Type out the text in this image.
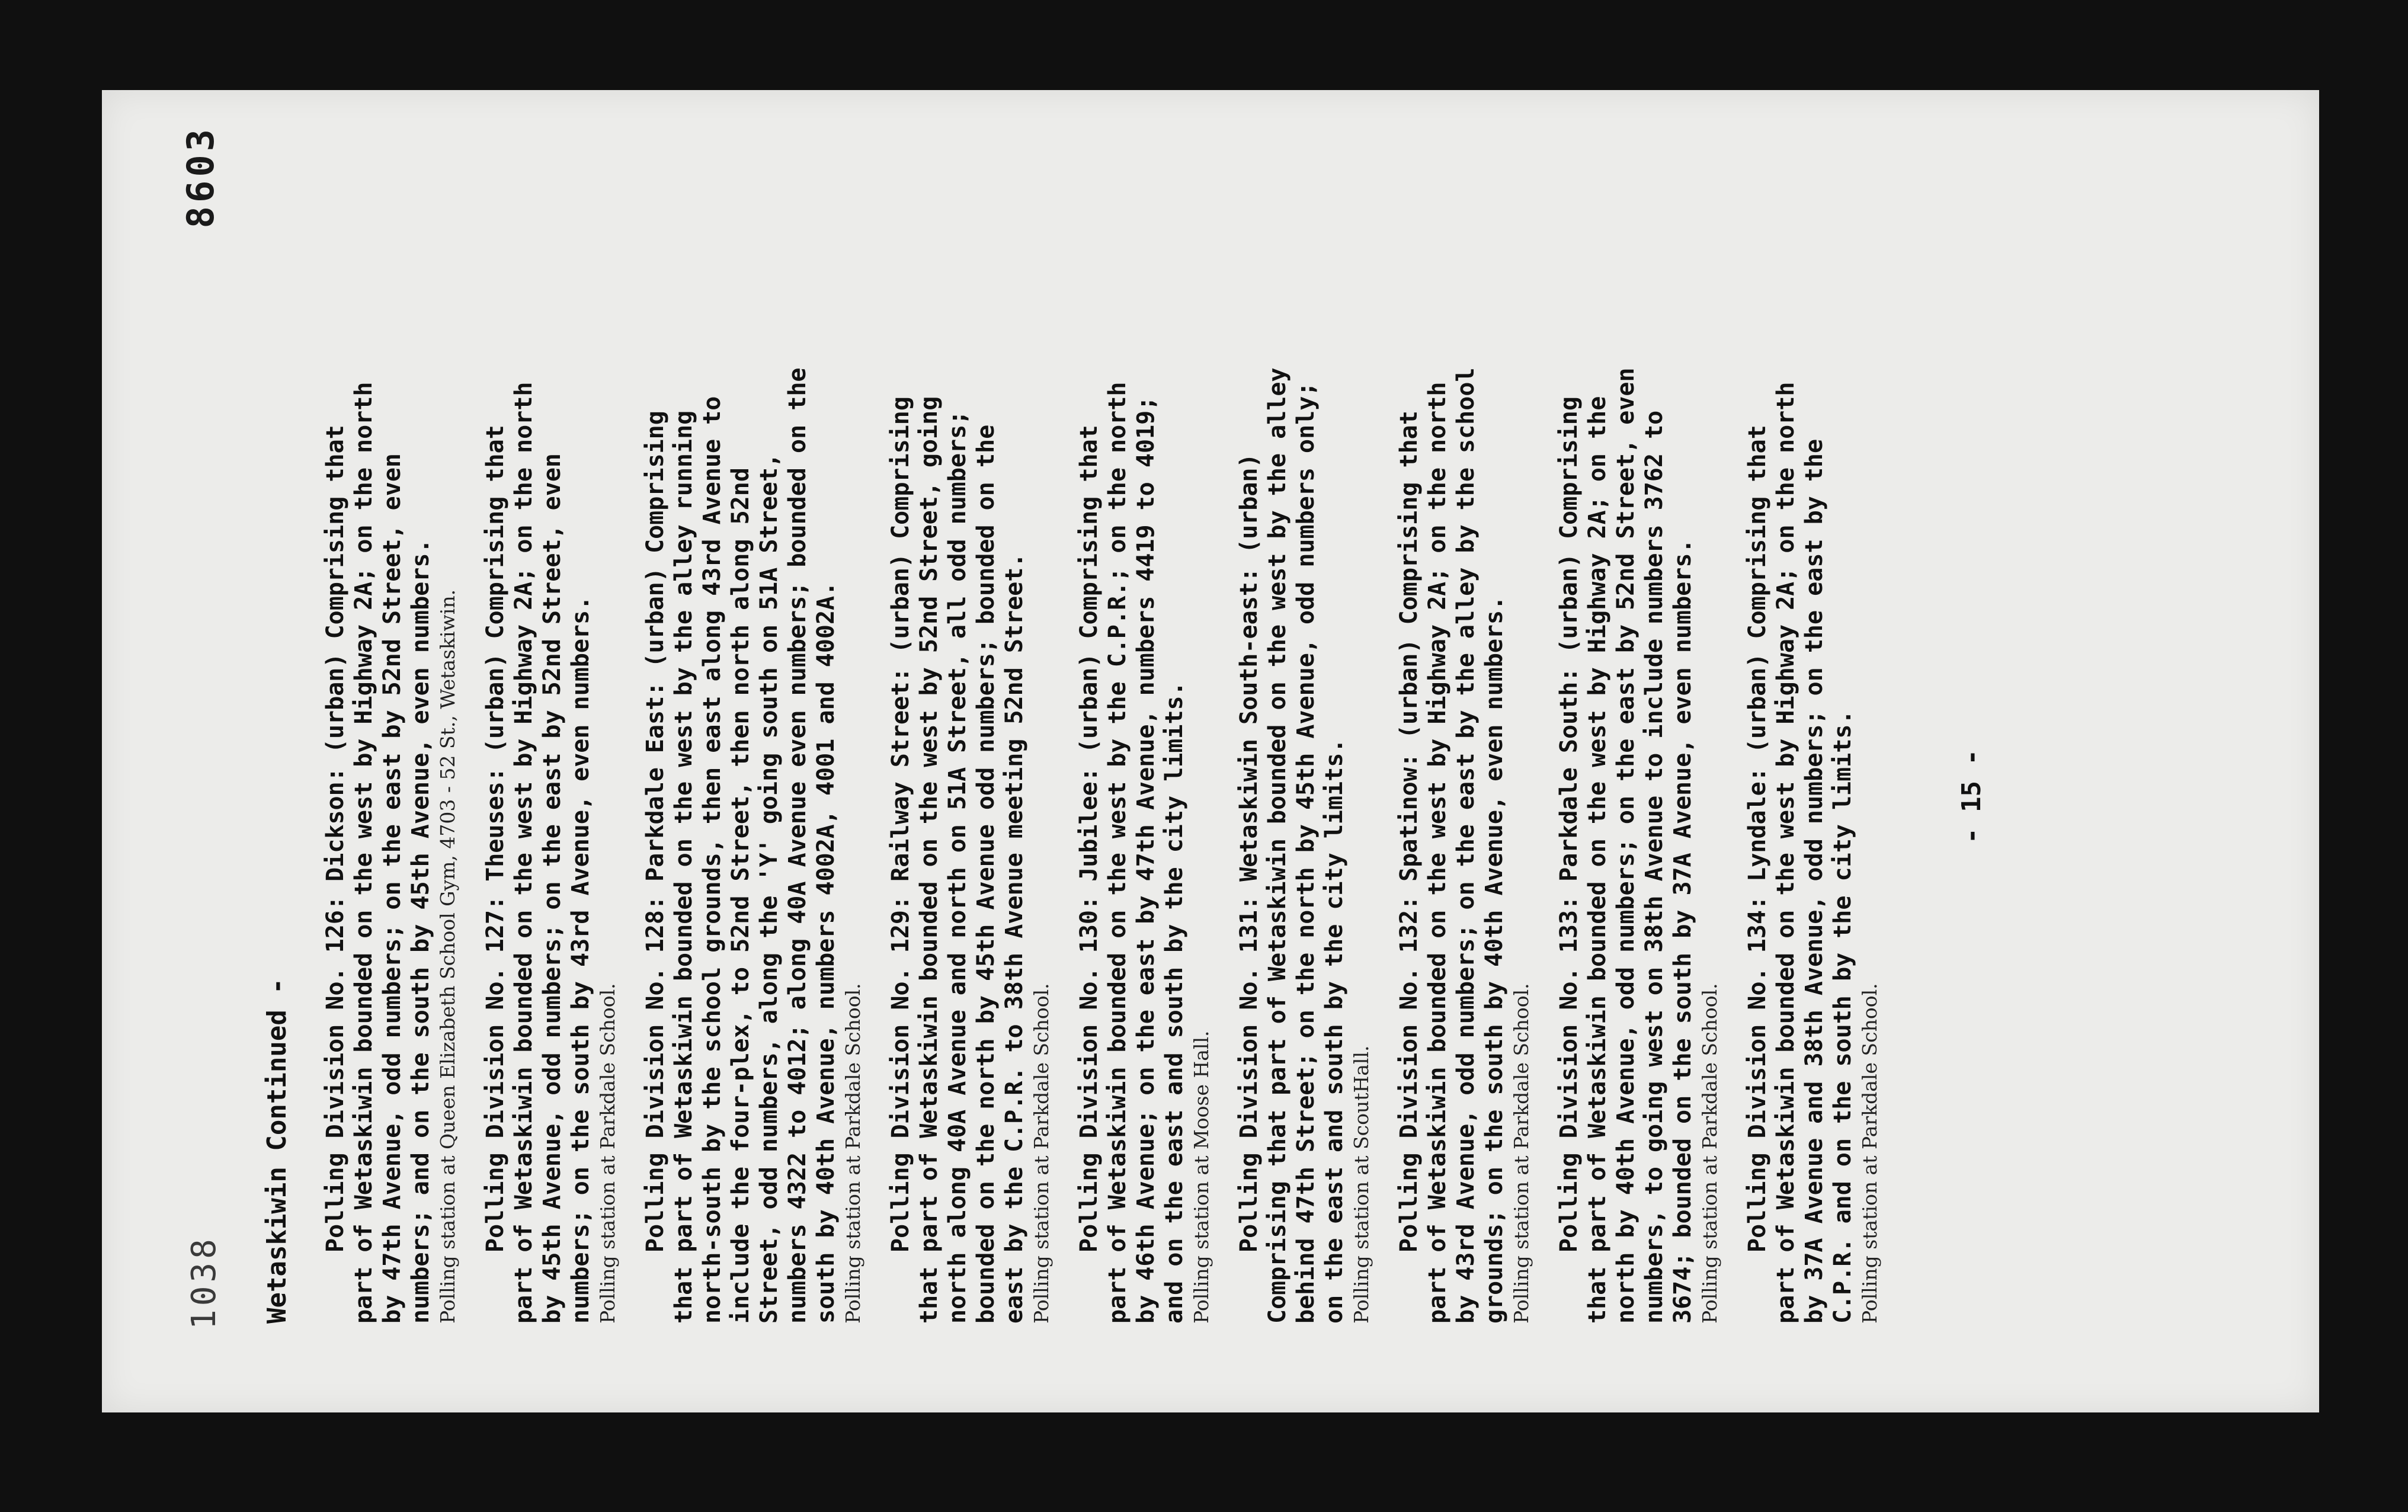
8603
1038 Wetaskiwin Continued - Polling Division No. 126: Dickson: (urban) Comprising that part of Wetaskiwin bounded on the west by Highway 2A; on the north by 47th Avenue, odd numbers; on the east by 52nd Street, even numbers; and on the south by 45th Avenue, even numbers. Polling station at Queen Elizabeth School Gym, 4703 - 52 St., Wetaskiwin. Polling Division No. 127: Theuses: (urban) Comprising that part of Wetaskiwin bounded on the west by Highway 2A; on the north by 45th Avenue, odd numbers; on the east by 52nd Street, even numbers; on the south by 43rd Avenue, even numbers. Polling station at Parkdale School. Polling Division No. 128: Parkdale East: (urban) Comprising that part of Wetaskiwin bounded on the west by the alley running north-south by the school grounds, then east along 43rd Avenue to include the four-plex, to 52nd Street, then north along 52nd Street, odd numbers, along the 'Y' going south on 51A Street, numbers 4322 to 4012; along 40A Avenue even numbers; bounded on the south by 40th Avenue, numbers 4002A, 4001 and 4002A. Polling station at Parkdale School. Polling Division No. 129: Railway Street: (urban) Comprising that part of Wetaskiwin bounded on the west by 52nd Street, going north along 40A Avenue and north on 51A Street, all odd numbers; bounded on the north by 45th Avenue odd numbers; bounded on the east by the C.P.R. to 38th Avenue meeting 52nd Street. Polling station at Parkdale School. Polling Division No. 130: Jubilee: (urban) Comprising that part of Wetaskiwin bounded on the west by the C.P.R.; on the north by 46th Avenue; on the east by 47th Avenue, numbers 4419 to 4019; and on the east and south by the city limits. Polling station at Moose Hall. Polling Division No. 131: Wetaskiwin South-east: (urban) Comprising that part of Wetaskiwin bounded on the west by the alley behind 47th Street; on the north by 45th Avenue, odd numbers only; on the east and south by the city limits. Polling station at ScoutHall. Polling Division No. 132: Spatinow: (urban) Comprising that part of Wetaskiwin bounded on the west by Highway 2A; on the north by 43rd Avenue, odd numbers; on the east by the alley by the school grounds; on the south by 40th Avenue, even numbers. Polling station at Parkdale School. Polling Division No. 133: Parkdale South: (urban) Comprising that part of Wetaskiwin bounded on the west by Highway 2A; on the north by 40th Avenue, odd numbers; on the east by 52nd Street, even numbers, to going west on 38th Avenue to include numbers 3762 to 3674; bounded on the south by 37A Avenue, even numbers. Polling station at Parkdale School. Polling Division No. 134: Lyndale: (urban) Comprising that part of Wetaskiwin bounded on the west by Highway 2A; on the north by 37A Avenue and 38th Avenue, odd numbers; on the east by the C.P.R. and on the south by the city limits. Polling station at Parkdale School.

- 15 -
